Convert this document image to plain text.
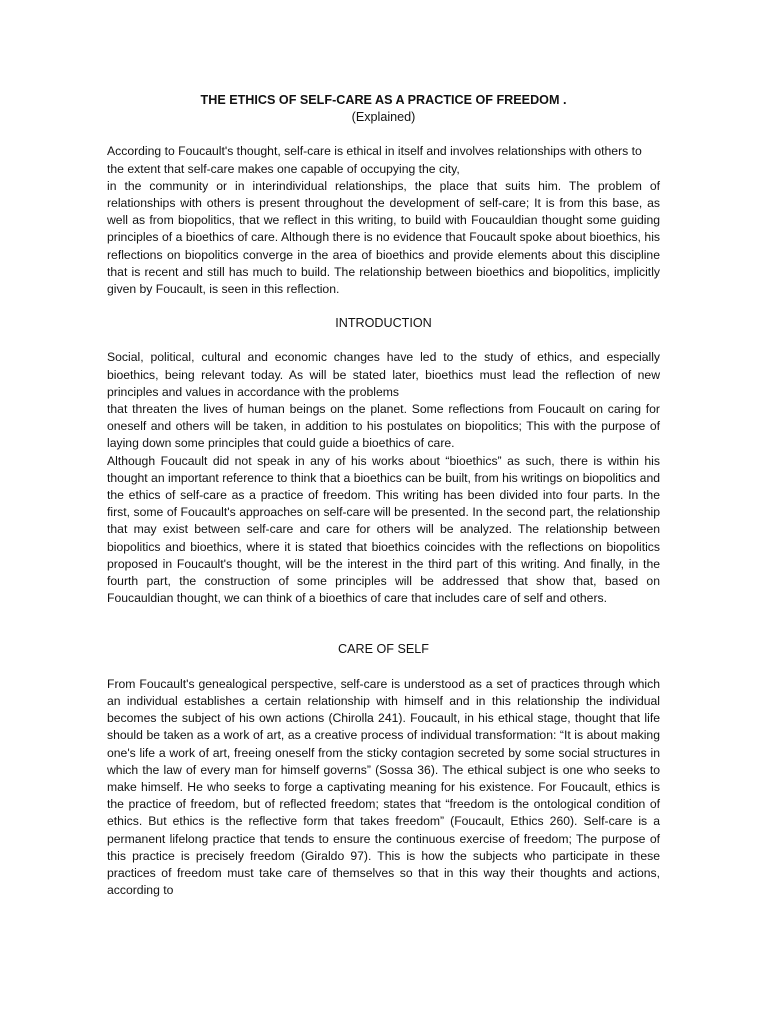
THE ETHICS OF SELF-CARE AS A PRACTICE OF FREEDOM .
(Explained)

According to Foucault's thought, self-care is ethical in itself and involves relationships with others to the extent that self-care makes one capable of occupying the city,

in the community or in interindividual relationships, the place that suits him. The problem of relationships with others is present throughout the development of self-care; It is from this base, as well as from biopolitics, that we reflect in this writing, to build with Foucauldian thought some guiding principles of a bioethics of care. Although there is no evidence that Foucault spoke about bioethics, his reflections on biopolitics converge in the area of bioethics and provide elements about this discipline that is recent and still has much to build. The relationship between bioethics and biopolitics, implicitly given by Foucault, is seen in this reflection.

INTRODUCTION

Social, political, cultural and economic changes have led to the study of ethics, and especially bioethics, being relevant today. As will be stated later, bioethics must lead the reflection of new principles and values in accordance with the problems

that threaten the lives of human beings on the planet. Some reflections from Foucault on caring for oneself and others will be taken, in addition to his postulates on biopolitics; This with the purpose of laying down some principles that could guide a bioethics of care.

Although Foucault did not speak in any of his works about “bioethics” as such, there is within his thought an important reference to think that a bioethics can be built, from his writings on biopolitics and the ethics of self-care as a practice of freedom. This writing has been divided into four parts. In the first, some of Foucault's approaches on self-care will be presented. In the second part, the relationship that may exist between self-care and care for others will be analyzed. The relationship between biopolitics and bioethics, where it is stated that bioethics coincides with the reflections on biopolitics proposed in Foucault's thought, will be the interest in the third part of this writing. And finally, in the fourth part, the construction of some principles will be addressed that show that, based on Foucauldian thought, we can think of a bioethics of care that includes care of self and others.

CARE OF SELF

From Foucault's genealogical perspective, self-care is understood as a set of practices through which an individual establishes a certain relationship with himself and in this relationship the individual becomes the subject of his own actions (Chirolla 241). Foucault, in his ethical stage, thought that life should be taken as a work of art, as a creative process of individual transformation: “It is about making one's life a work of art, freeing oneself from the sticky contagion secreted by some social structures in which the law of every man for himself governs” (Sossa 36). The ethical subject is one who seeks to make himself. He who seeks to forge a captivating meaning for his existence. For Foucault, ethics is the practice of freedom, but of reflected freedom; states that “freedom is the ontological condition of ethics. But ethics is the reflective form that takes freedom” (Foucault, Ethics 260). Self-care is a permanent lifelong practice that tends to ensure the continuous exercise of freedom; The purpose of this practice is precisely freedom (Giraldo 97). This is how the subjects who participate in these practices of freedom must take care of themselves so that in this way their thoughts and actions, according to
